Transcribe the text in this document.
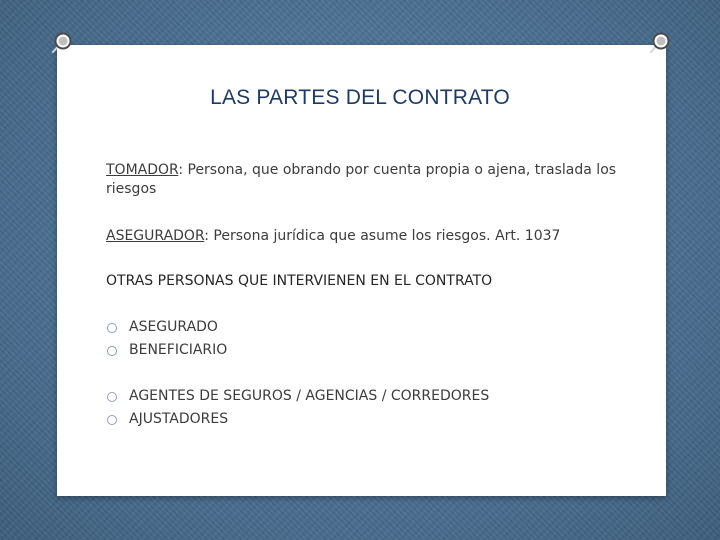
LAS PARTES DEL CONTRATO
TOMADOR: Persona, que obrando por cuenta propia o ajena, traslada los riesgos
ASEGURADOR: Persona jurídica que asume los riesgos. Art. 1037
OTRAS PERSONAS QUE INTERVIENEN EN EL CONTRATO
ASEGURADO
BENEFICIARIO
AGENTES DE SEGUROS / AGENCIAS / CORREDORES
AJUSTADORES
